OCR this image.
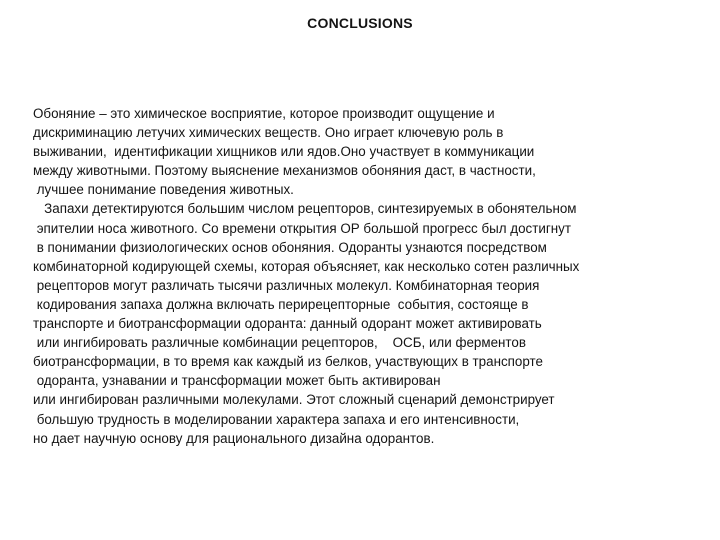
CONCLUSIONS
Обоняние – это химическое восприятие, которое производит ощущение и
дискриминацию летучих химических веществ. Оно играет ключевую роль в
выживании,  идентификации хищников или ядов.Оно участвует в коммуникации
между животными. Поэтому выяснение механизмов обоняния даст, в частности,
лучшее понимание поведения животных.
Запахи детектируются большим числом рецепторов, синтезируемых в обонятельном
эпителии носа животного. Со времени открытия ОР большой прогресс был достигнут
в понимании физиологических основ обоняния. Одоранты узнаются посредством
комбинаторной кодирующей схемы, которая объясняет, как несколько сотен различных
рецепторов могут различать тысячи различных молекул. Комбинаторная теория
кодирования запаха должна включать перирецепторные  события, состояще в
транспорте и биотрансформации одоранта: данный одорант может активировать
или ингибировать различные комбинации рецепторов,    ОСБ, или ферментов
биотрансформации, в то время как каждый из белков, участвующих в транспорте
одоранта, узнавании и трансформации может быть активирован
или ингибирован различными молекулами. Этот сложный сценарий демонстрирует
большую трудность в моделировании характера запаха и его интенсивности,
но дает научную основу для рационального дизайна одорантов.
